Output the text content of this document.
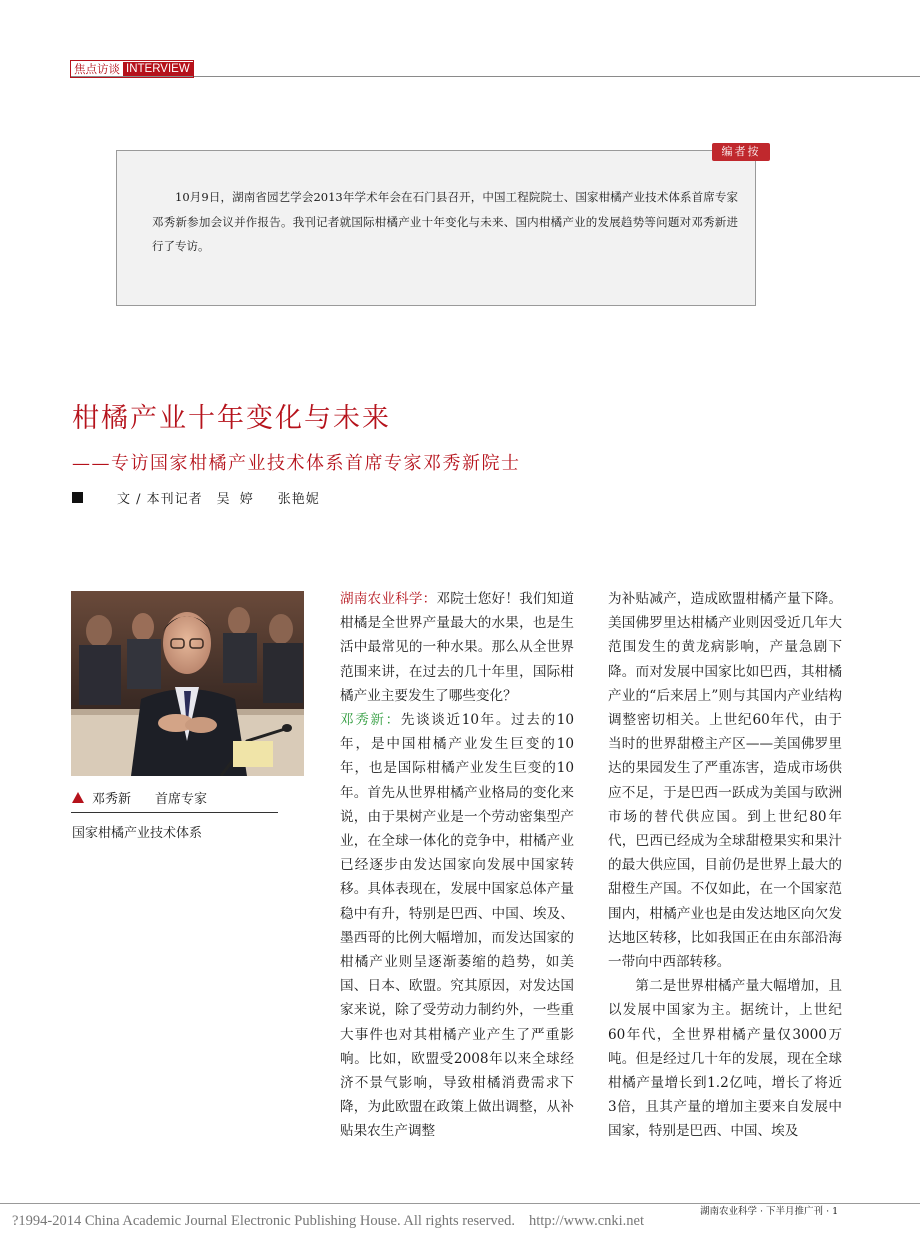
焦点访谈 INTERVIEW
编者按
10月9日，湖南省园艺学会2013年学术年会在石门县召开，中国工程院院士、国家柑橘产业技术体系首席专家邓秀新参加会议并作报告。我刊记者就国际柑橘产业十年变化与未来、国内柑橘产业的发展趋势等问题对邓秀新进行了专访。
柑橘产业十年变化与未来
——专访国家柑橘产业技术体系首席专家邓秀新院士
文 / 本刊记者 吴 婷 张艳妮
邓秀新 首席专家
国家柑橘产业技术体系

湖南农业科学：邓院士您好！我们知道柑橘是全世界产量最大的水果，也是生活中最常见的一种水果。那么从全世界范围来讲，在过去的几十年里，国际柑橘产业主要发生了哪些变化？

邓秀新：先谈谈近10年。过去的10年，是中国柑橘产业发生巨变的10年，也是国际柑橘产业发生巨变的10年。首先从世界柑橘产业格局的变化来说，由于果树产业是一个劳动密集型产业，在全球一体化的竞争中，柑橘产业已经逐步由发达国家向发展中国家转移。具体表现在，发展中国家总体产量稳中有升，特别是巴西、中国、埃及、墨西哥的比例大幅增加，而发达国家的柑橘产业则呈逐渐萎缩的趋势，如美国、日本、欧盟。究其原因，对发达国家来说，除了受劳动力制约外，一些重大事件也对其柑橘产业产生了严重影响。比如，欧盟受2008年以来全球经济不景气影响，导致柑橘消费需求下降，为此欧盟在政策上做出调整，从补贴果农生产调整

为补贴减产，造成欧盟柑橘产量下降。美国佛罗里达柑橘产业则因受近几年大范围发生的黄龙病影响，产量急剧下降。而对发展中国家比如巴西，其柑橘产业的“后来居上”则与其国内产业结构调整密切相关。上世纪60年代，由于当时的世界甜橙主产区——美国佛罗里达的果园发生了严重冻害，造成市场供应不足，于是巴西一跃成为美国与欧洲市场的替代供应国。到上世纪80年代，巴西已经成为全球甜橙果实和果汁的最大供应国，目前仍是世界上最大的甜橙生产国。不仅如此，在一个国家范围内，柑橘产业也是由发达地区向欠发达地区转移，比如我国正在由东部沿海一带向中西部转移。

第二是世界柑橘产量大幅增加，且以发展中国家为主。据统计，上世纪60年代，全世界柑橘产量仅3000万吨。但是经过几十年的发展，现在全球柑橘产量增长到1.2亿吨，增长了将近3倍，且其产量的增加主要来自发展中国家，特别是巴西、中国、埃及

湖南农业科学 · 下半月推广刊 · 1
?1994-2014 China Academic Journal Electronic Publishing House. All rights reserved. http://www.cnki.net
